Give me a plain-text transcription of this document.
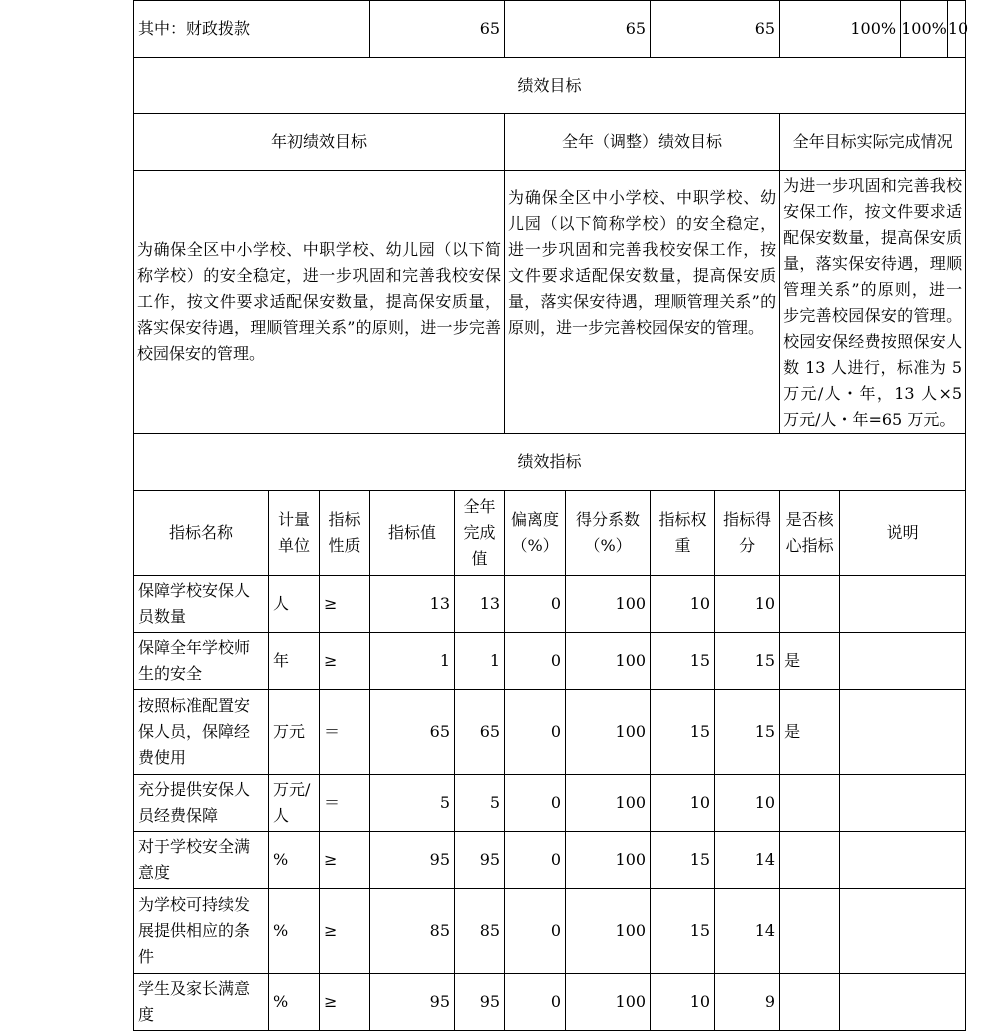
其中：财政拨款			65		65		65		100%		100% 10

绩效目标											
年初绩效目标					全年（调整）绩效目标				全年目标实际完成情况		
为确保全区中小学校、中职学校、幼儿园（以下简称学校）的安全稳定，进一步巩固和完善我校安保工作，按文件要求适配保安数量，提高保安质量，落实保安待遇，理顺管理关系”的原则，进一步完善校园保安的管理。					为确保全区中小学校、中职学校、幼儿园（以下简称学校）的安全稳定，进一步巩固和完善我校安保工作，按文件要求适配保安数量，提高保安质量，落实保安待遇，理顺管理关系”的原则，进一步完善校园保安的管理。				为进一步巩固和完善我校安保工作，按文件要求适配保安数量，提高保安质量，落实保安待遇，理顺管理关系”的原则，进一步完善校园保安的管理。校园安保经费按照保安人数 13 人进行，标准为 5 万元/人・年，13 人×5 万元/人・年=65 万元。		
绩效指标											
指标名称	计量单位	指标性质	指标值	全年完成值	偏离度（%）	得分系数（%）	指标权重	指标得分	是否核心指标	说明	
保障学校安保人员数量	人	≥	13	13	0	100	10	10			
保障全年学校师生的安全	年	≥	1	1	0	100	15	15	是		
按照标准配置安保人员，保障经费使用	万元	＝	65	65	0	100	15	15	是		
充分提供安保人员经费保障	万元/人	＝	5	5	0	100	10	10			
对于学校安全满意度	%	≥	95	95	0	100	15	14			
为学校可持续发展提供相应的条件	%	≥	85	85	0	100	15	14			
学生及家长满意度	%	≥	95	95	0	100	10	9			
